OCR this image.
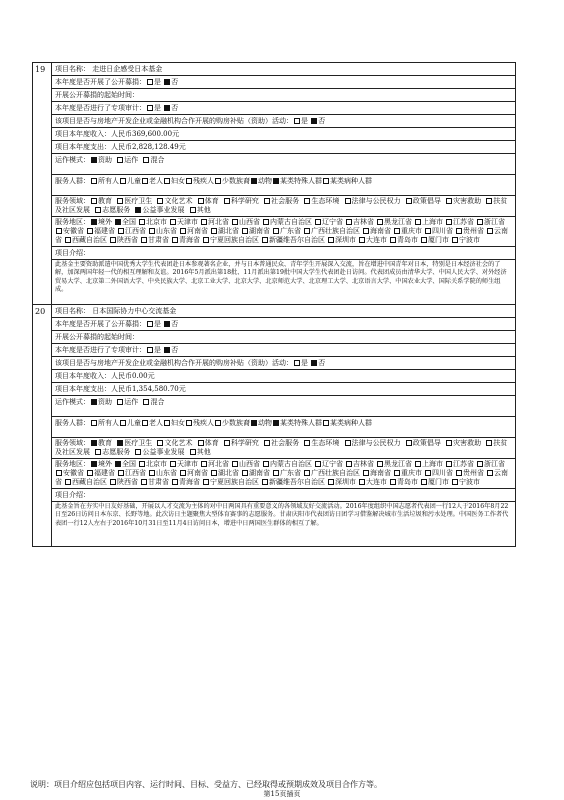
19	项目名称： 走进日企感受日本基金
本年度是否开展了公开募捐： 是 否
开展公开募捐的起始时间：
本年度是否进行了专项审计： 是 否
该项目是否与房地产开发企业或金融机构合作开展的购房补贴（资助）活动： 是 否
项目本年度收入：人民币369,600.00元
项目本年度支出：人民币2,828,128.49元
运作模式： 资助 运作 混合
服务人群： 所有人 儿童 老人 妇女 残疾人 少数族裔 动物 某类特殊人群 某类病种人群
服务领域： 教育 医疗卫生 文化艺术 体育 科学研究 社会服务 生态环境 法律与公民权力 政策倡导 灾害救助 扶贫及社区发展 志愿服务 公益事业发展 其他
服务地区： 境外 全国 北京市 天津市 河北省 山西省 内蒙古自治区 辽宁省 吉林省 黑龙江省 上海市 江苏省 浙江省安徽省 福建省 江西省 山东省 河南省 湖北省 湖南省 广东省 广西壮族自治区 海南省 重庆市 四川省 贵州省 云南省 西藏自治区 陕西省 甘肃省 青海省 宁夏回族自治区 新疆维吾尔自治区 深圳市 大连市 青岛市 厦门市 宁波市
项目介绍：
此基金主要资助派遣中国优秀大学生代表团赴日本参观著名企业，并与日本普通民众、青年学生开展深入交流，旨在增进中国青年对日本，特别是日本经济社会的了解，加深两国年轻一代的相互理解和友谊。2016年5月派出第18批、11月派出第19批中国大学生代表团赴日访问。代表团成员由清华大学、中国人民大学、对外经济贸易大学、北京第二外国语大学、中央民族大学、北京工业大学、北京大学、北京师范大学、北京理工大学、北京语言大学、中国农业大学、国际关系学院的师生组成。
20	项目名称： 日本国际协力中心交流基金
本年度是否开展了公开募捐： 是 否
开展公开募捐的起始时间：
本年度是否进行了专项审计： 是 否
该项目是否与房地产开发企业或金融机构合作开展的购房补贴（资助）活动： 是 否
项目本年度收入：人民币0.00元
项目本年度支出：人民币1,354,580.70元
运作模式： 资助 运作 混合
服务人群： 所有人 儿童 老人 妇女 残疾人 少数族裔 动物 某类特殊人群 某类病种人群
服务领域： 教育 医疗卫生 文化艺术 体育 科学研究 社会服务 生态环境 法律与公民权力 政策倡导 灾害救助 扶贫及社区发展 志愿服务 公益事业发展 其他
服务地区： 境外 全国 北京市 天津市 河北省 山西省 内蒙古自治区 辽宁省 吉林省 黑龙江省 上海市 江苏省 浙江省安徽省 福建省 江西省 山东省 河南省 湖北省 湖南省 广东省 广西壮族自治区 海南省 重庆市 四川省 贵州省 云南省 西藏自治区 陕西省 甘肃省 青海省 宁夏回族自治区 新疆维吾尔自治区 深圳市 大连市 青岛市 厦门市 宁波市
项目介绍：
此基金旨在夯实中日友好基础，开展以人才交流为主体的对中日两国具有重要意义的各领域友好交流活动。2016年度组织中国志愿者代表团一行12人于2016年8月22日至26日访问日本东京、长野等地。此次访日主题聚焦大型体育赛事的志愿服务。甘肃庆阳市代表团访日团学习借鉴解决城市生活垃圾和污水处理。中国医务工作者代表团一行12人左右于2016年10月31日至11月4日访问日本，增进中日两国医生群体的相互了解。
说明：项目介绍应包括项目内容、运行时间、目标、受益方、已经取得或预期成效及项目合作方等。
第15页插页
